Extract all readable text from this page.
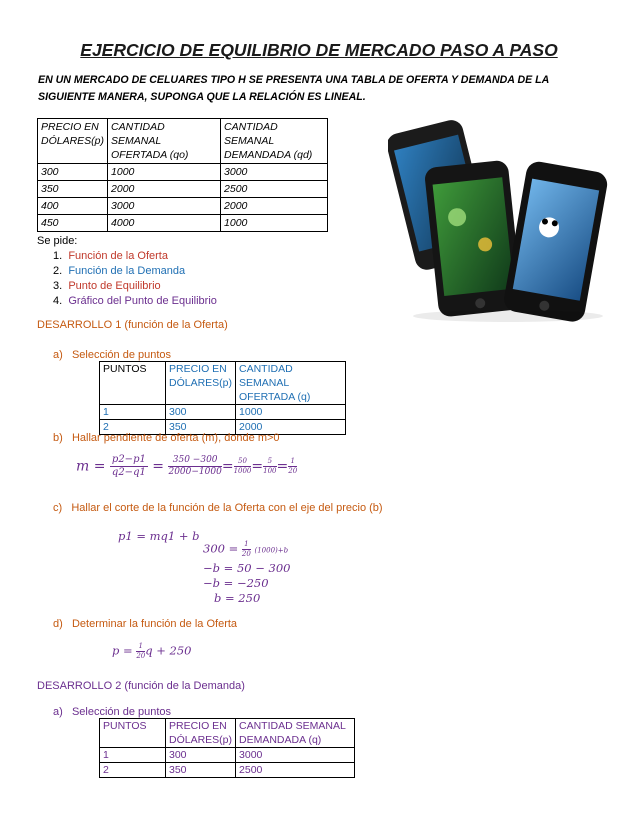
EJERCICIO DE EQUILIBRIO DE MERCADO PASO A PASO
EN UN MERCADO DE CELUARES TIPO H SE PRESENTA UNA TABLA DE OFERTA Y DEMANDA DE LA SIGUIENTE MANERA, SUPONGA QUE LA RELACIÓN ES LINEAL.
PRECIO EN DÓLARES(p)	CANTIDAD SEMANAL OFERTADA (qo)	CANTIDAD SEMANAL DEMANDADA (qd)
300	1000	3000
350	2000	2500
400	3000	2000
450	4000	1000
Se pide:
1. Función de la Oferta
2. Función de la Demanda
3. Punto de Equilibrio
4. Gráfico del Punto de Equilibrio
DESARROLLO 1 (función de la Oferta)
a) Selección de puntos
PUNTOS	PRECIO EN DÓLARES(p)	CANTIDAD SEMANAL OFERTADA (q)
1	300	1000
2	350	2000
b) Hallar pendiente de oferta (m), donde m>0
$m = \frac{p2-p1}{q2-q1} = \frac{350 -300}{2000-1000} = \frac{50}{1000} = \frac{5}{100} = \frac{1}{20}$
c) Hallar el corte de la función de la Oferta con el eje del precio (b)
p1 = mq1 + b
$300 = \frac{1}{20} (1000)+b$
−b = 50 − 300
−b = −250
b = 250
d) Determinar la función de la Oferta
$p = \frac{1}{20}$ q + 250
DESARROLLO 2 (función de la Demanda)
a) Selección de puntos
PUNTOS	PRECIO EN DÓLARES(p)	CANTIDAD SEMANAL DEMANDADA (q)
1	300	3000
2	350	2500
